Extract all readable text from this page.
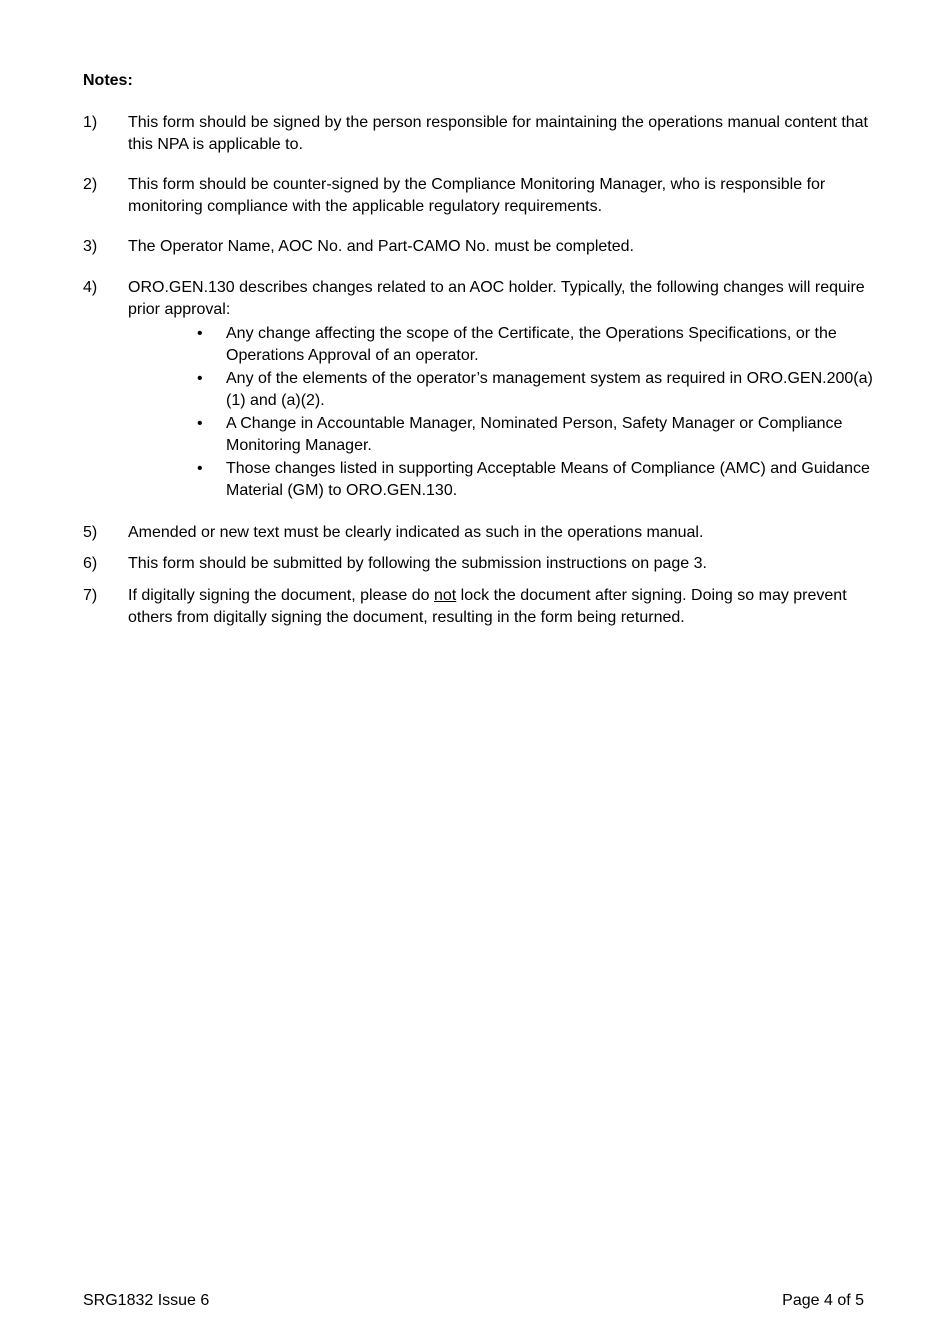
Notes:
1) This form should be signed by the person responsible for maintaining the operations manual content that this NPA is applicable to.
2) This form should be counter-signed by the Compliance Monitoring Manager, who is responsible for monitoring compliance with the applicable regulatory requirements.
3) The Operator Name, AOC No. and Part-CAMO No. must be completed.
4) ORO.GEN.130 describes changes related to an AOC holder. Typically, the following changes will require prior approval:
• Any change affecting the scope of the Certificate, the Operations Specifications, or the Operations Approval of an operator.
• Any of the elements of the operator’s management system as required in ORO.GEN.200(a)(1) and (a)(2).
• A Change in Accountable Manager, Nominated Person, Safety Manager or Compliance Monitoring Manager.
• Those changes listed in supporting Acceptable Means of Compliance (AMC) and Guidance Material (GM) to ORO.GEN.130.
5) Amended or new text must be clearly indicated as such in the operations manual.
6) This form should be submitted by following the submission instructions on page 3.
7) If digitally signing the document, please do not lock the document after signing. Doing so may prevent others from digitally signing the document, resulting in the form being returned.
SRG1832 Issue 6	Page 4 of 5
